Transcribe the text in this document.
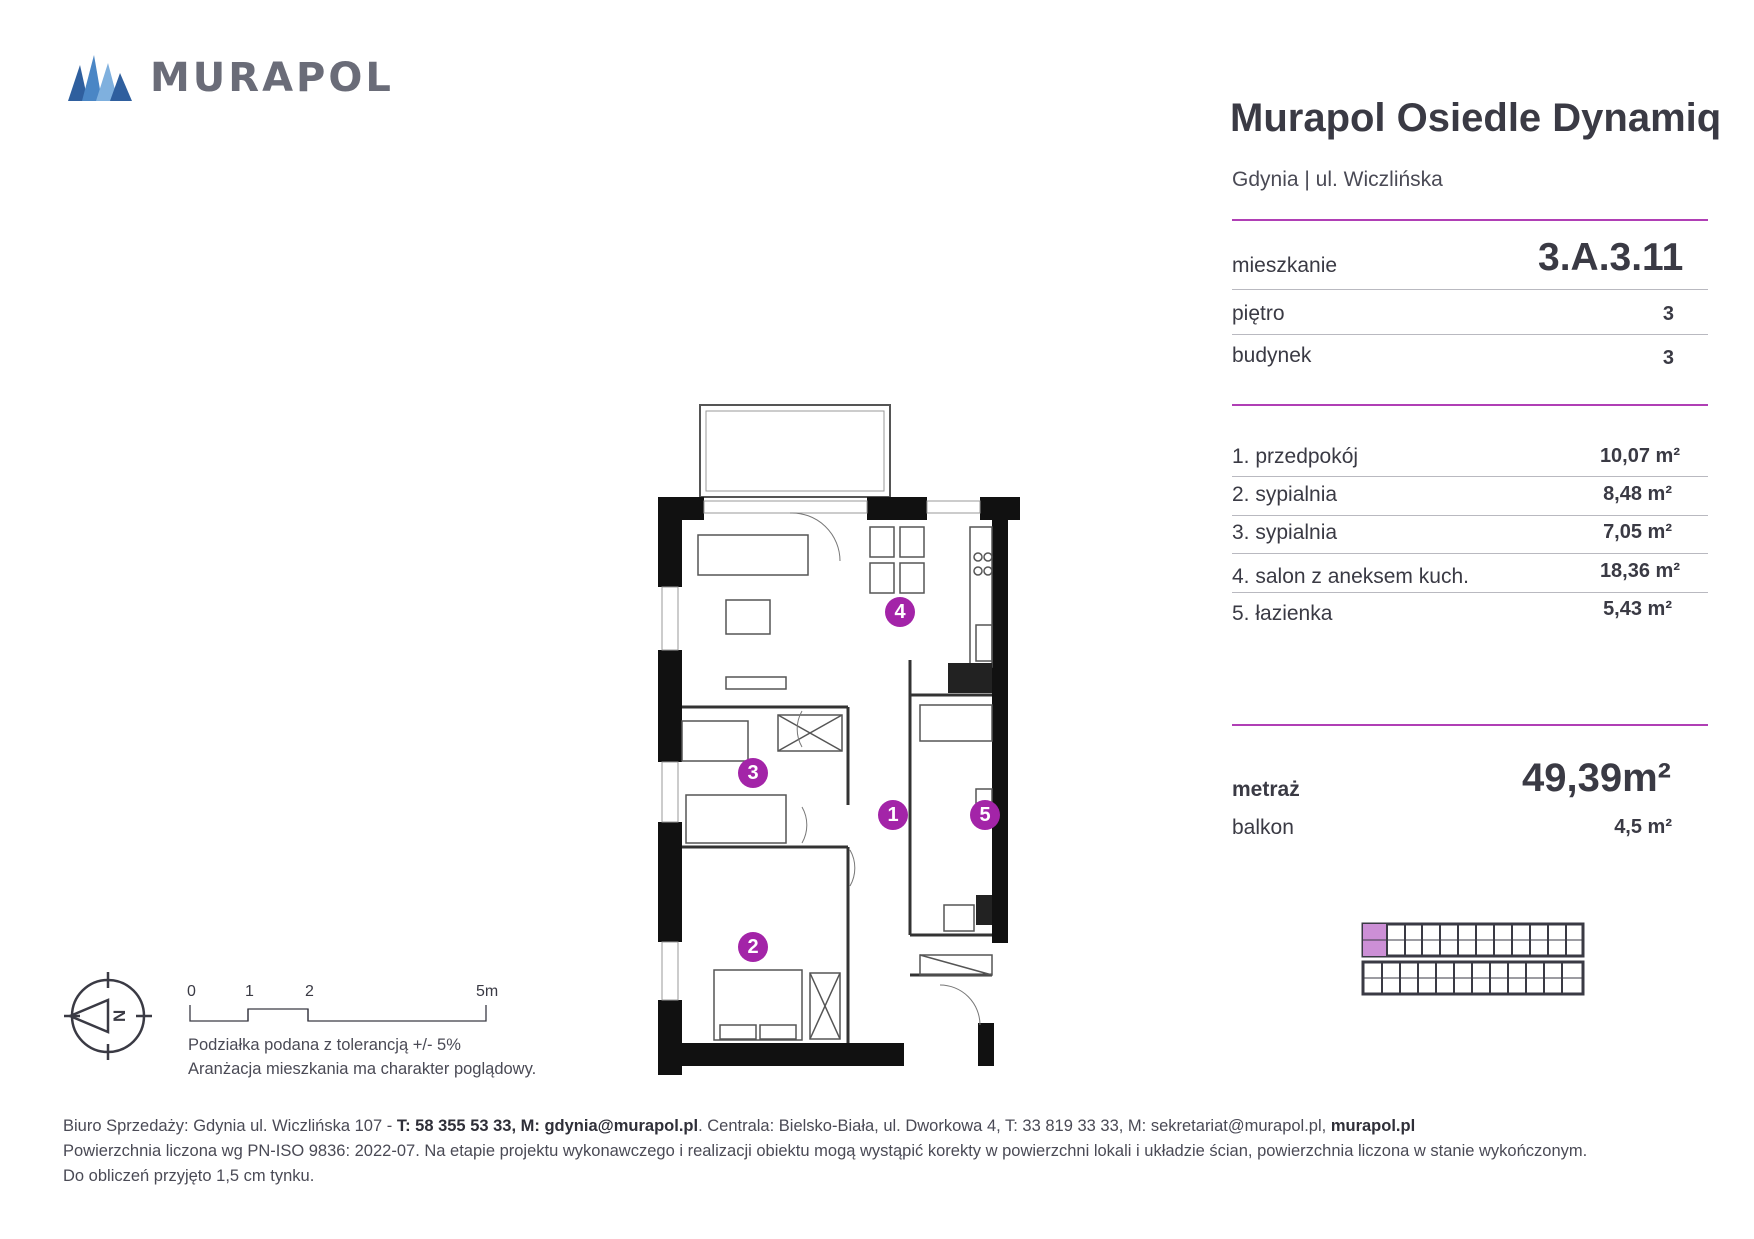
MURAPOL
Murapol Osiedle Dynamiq
Gdynia | ul. Wiczlińska
mieszkanie	3.A.3.11
piętro	3
budynek	3
1. przedpokój	10,07 m²
2. sypialnia	8,48 m²
3. sypialnia	7,05 m²
4. salon z aneksem kuch.	18,36 m²
5. łazienka	5,43 m²
metraż	49,39m²
balkon	4,5 m²
1
2
3
4
5
N
0	1	2	5m
Podziałka podana z tolerancją +/- 5%
Aranżacja mieszkania ma charakter poglądowy.
Biuro Sprzedaży: Gdynia ul. Wiczlińska 107 - T: 58 355 53 33, M: gdynia@murapol.pl. Centrala: Bielsko-Biała, ul. Dworkowa 4, T: 33 819 33 33, M: sekretariat@murapol.pl, murapol.pl
Powierzchnia liczona wg PN-ISO 9836: 2022-07. Na etapie projektu wykonawczego i realizacji obiektu mogą wystąpić korekty w powierzchni lokali i układzie ścian, powierzchnia liczona w stanie wykończonym.
Do obliczeń przyjęto 1,5 cm tynku.
